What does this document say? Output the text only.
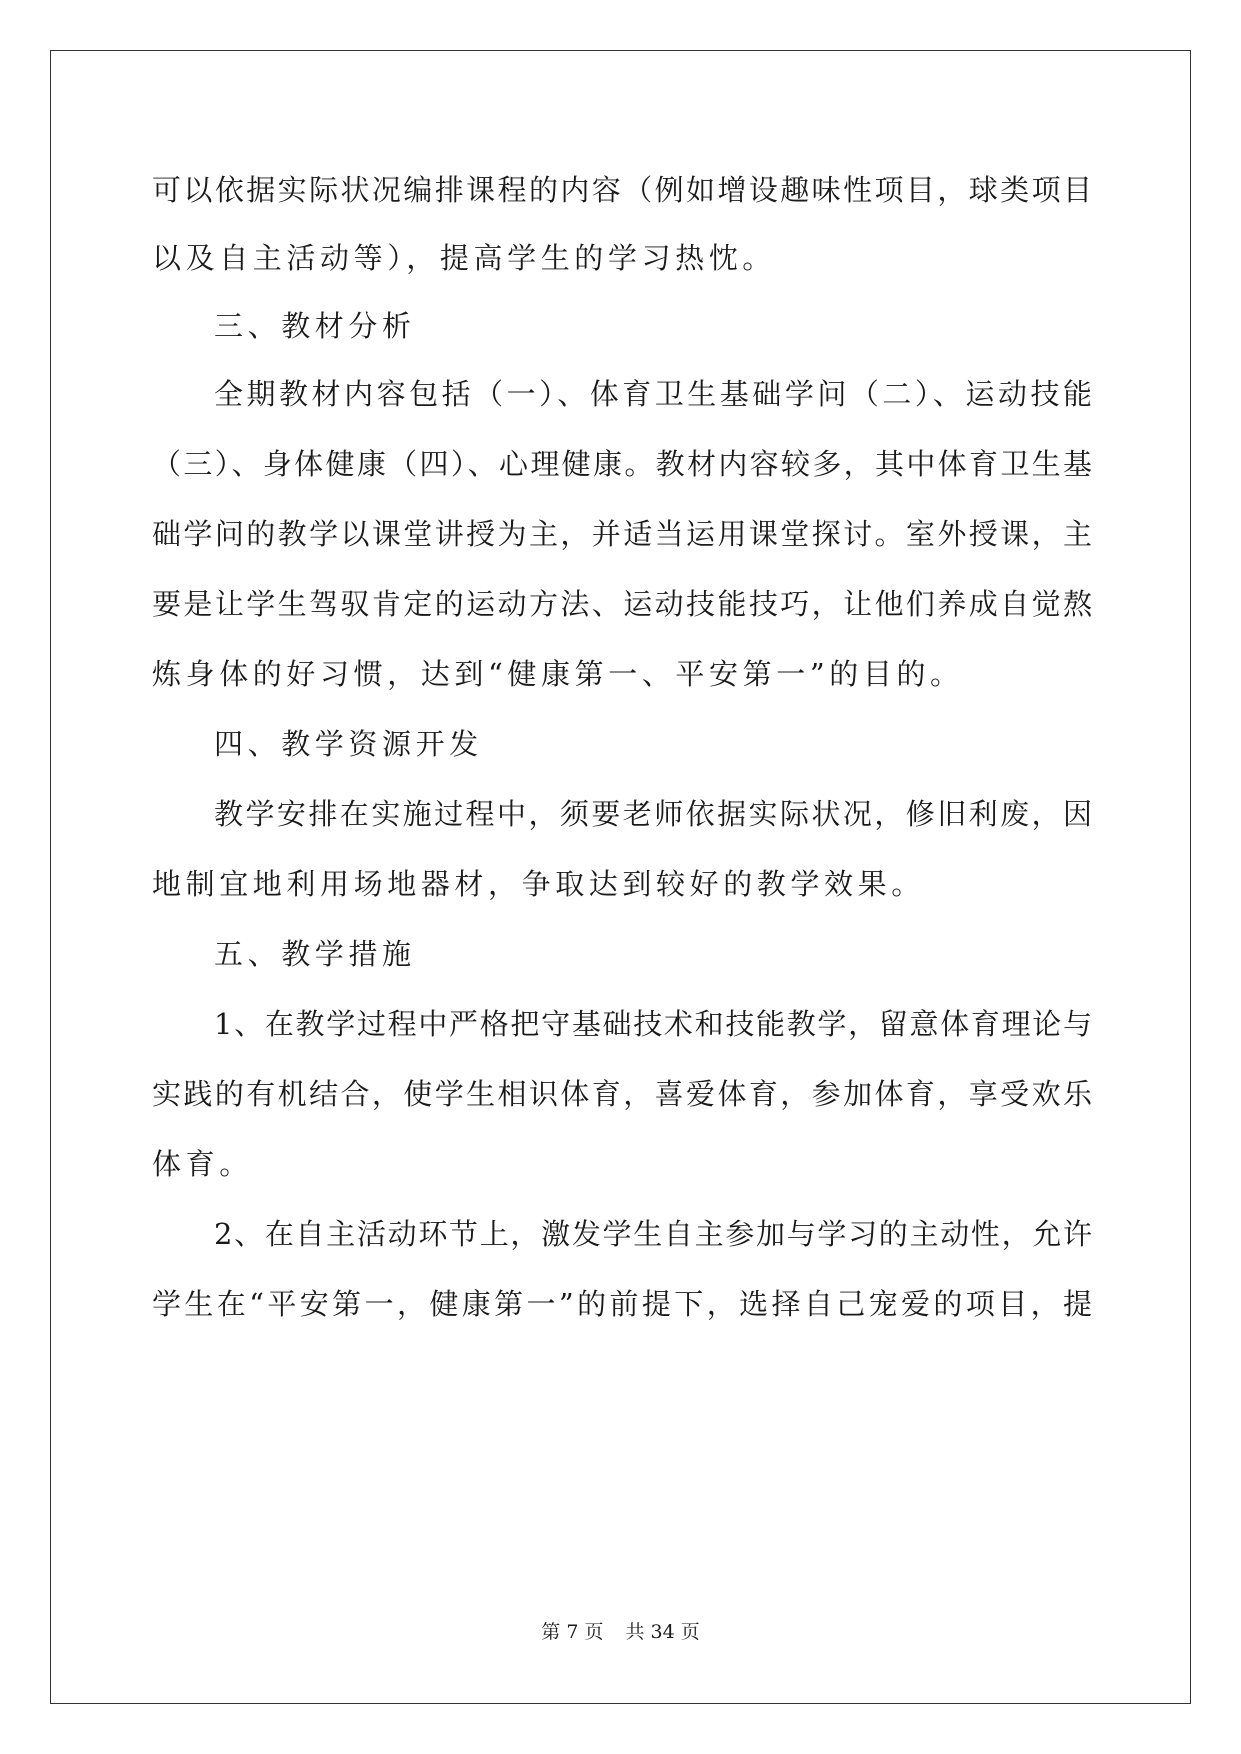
可以依据实际状况编排课程的内容（例如增设趣味性项目，球类项目
以及自主活动等），提高学生的学习热忱。
三、教材分析
全期教材内容包括（一）、体育卫生基础学问（二）、运动技能
（三）、身体健康（四）、心理健康。教材内容较多，其中体育卫生基
础学问的教学以课堂讲授为主，并适当运用课堂探讨。室外授课，主
要是让学生驾驭肯定的运动方法、运动技能技巧，让他们养成自觉熬
炼身体的好习惯，达到“健康第一、平安第一”的目的。
四、教学资源开发
教学安排在实施过程中，须要老师依据实际状况，修旧利废，因
地制宜地利用场地器材，争取达到较好的教学效果。
五、教学措施
1、在教学过程中严格把守基础技术和技能教学，留意体育理论与
实践的有机结合，使学生相识体育，喜爱体育，参加体育，享受欢乐
体育。
2、在自主活动环节上，激发学生自主参加与学习的主动性，允许
学生在“平安第一，健康第一”的前提下，选择自己宠爱的项目，提
第 7 页 共 34 页
